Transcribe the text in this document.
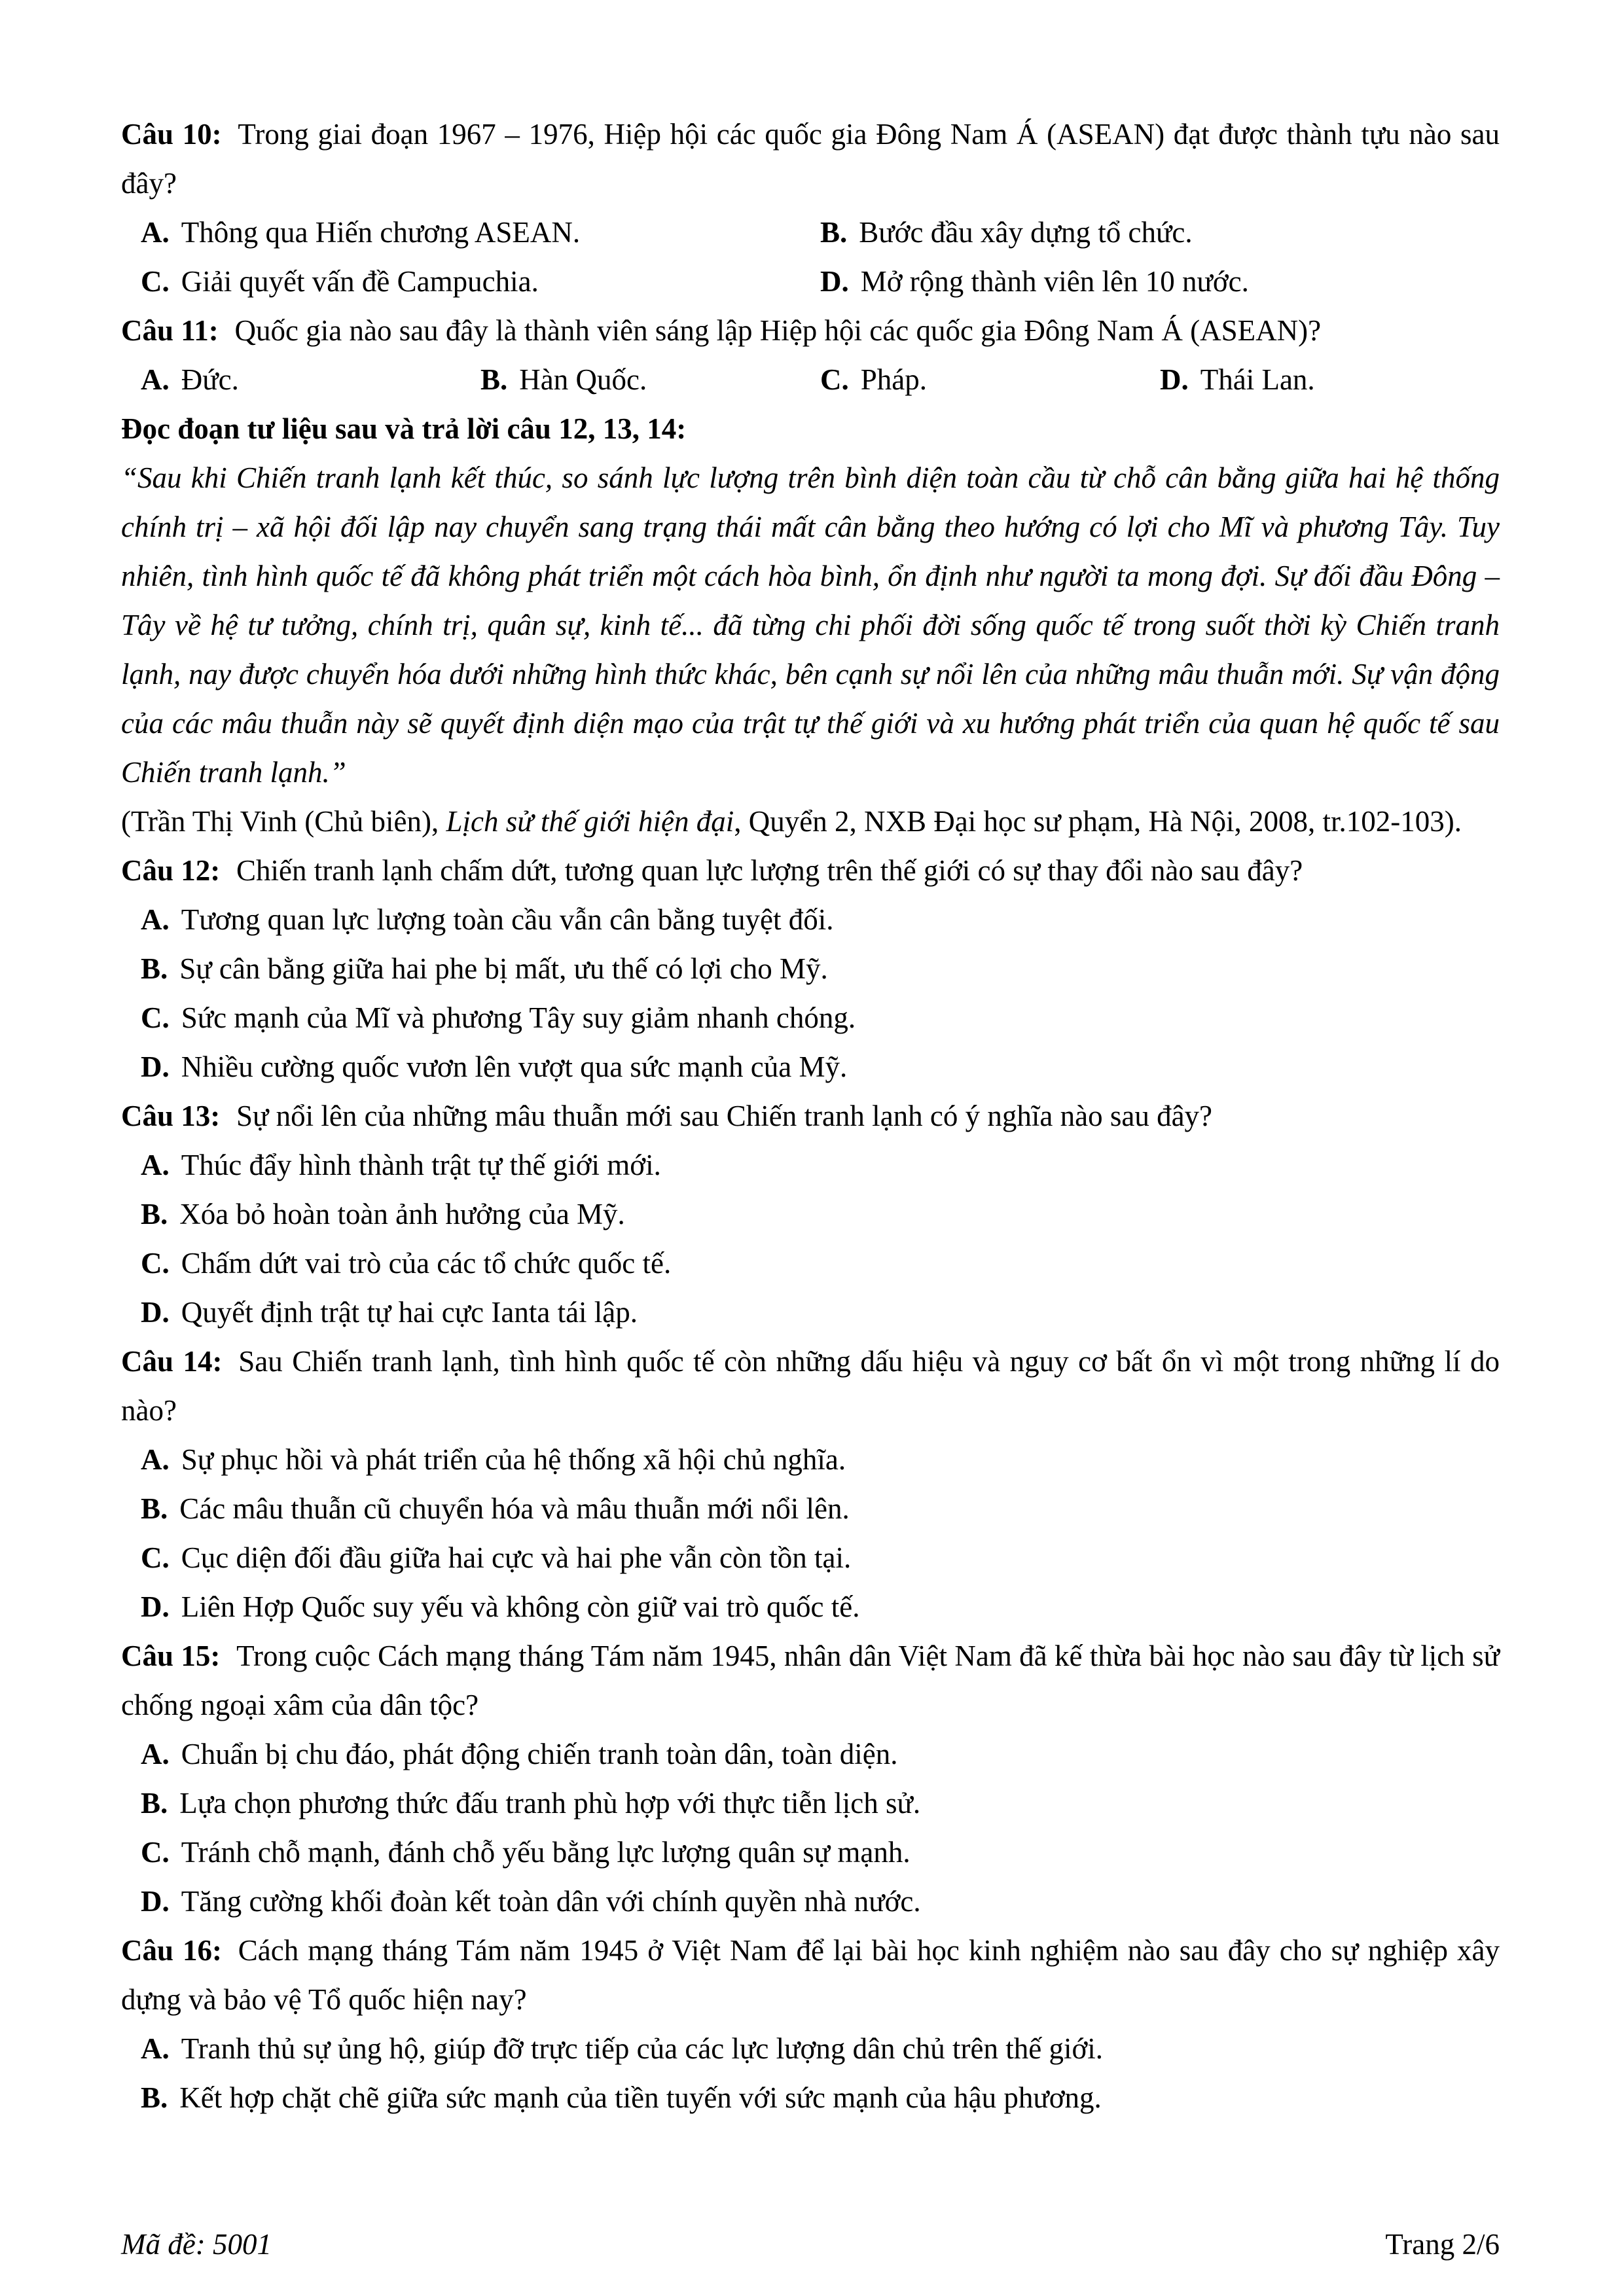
Câu 10: Trong giai đoạn 1967 – 1976, Hiệp hội các quốc gia Đông Nam Á (ASEAN) đạt được thành tựu nào sau đây?

A. Thông qua Hiến chương ASEAN.	B. Bước đầu xây dựng tổ chức.

C. Giải quyết vấn đề Campuchia.	D. Mở rộng thành viên lên 10 nước.

Câu 11: Quốc gia nào sau đây là thành viên sáng lập Hiệp hội các quốc gia Đông Nam Á (ASEAN)?

A. Đức.	B. Hàn Quốc.	C. Pháp.	D. Thái Lan.

Đọc đoạn tư liệu sau và trả lời câu 12, 13, 14:

“Sau khi Chiến tranh lạnh kết thúc, so sánh lực lượng trên bình diện toàn cầu từ chỗ cân bằng giữa hai hệ thống chính trị – xã hội đối lập nay chuyển sang trạng thái mất cân bằng theo hướng có lợi cho Mĩ và phương Tây. Tuy nhiên, tình hình quốc tế đã không phát triển một cách hòa bình, ổn định như người ta mong đợi. Sự đối đầu Đông – Tây về hệ tư tưởng, chính trị, quân sự, kinh tế... đã từng chi phối đời sống quốc tế trong suốt thời kỳ Chiến tranh lạnh, nay được chuyển hóa dưới những hình thức khác, bên cạnh sự nổi lên của những mâu thuẫn mới. Sự vận động của các mâu thuẫn này sẽ quyết định diện mạo của trật tự thế giới và xu hướng phát triển của quan hệ quốc tế sau Chiến tranh lạnh.”

(Trần Thị Vinh (Chủ biên), Lịch sử thế giới hiện đại, Quyển 2, NXB Đại học sư phạm, Hà Nội, 2008, tr.102-103).

Câu 12: Chiến tranh lạnh chấm dứt, tương quan lực lượng trên thế giới có sự thay đổi nào sau đây?

A. Tương quan lực lượng toàn cầu vẫn cân bằng tuyệt đối.

B. Sự cân bằng giữa hai phe bị mất, ưu thế có lợi cho Mỹ.

C. Sức mạnh của Mĩ và phương Tây suy giảm nhanh chóng.

D. Nhiều cường quốc vươn lên vượt qua sức mạnh của Mỹ.

Câu 13: Sự nổi lên của những mâu thuẫn mới sau Chiến tranh lạnh có ý nghĩa nào sau đây?

A. Thúc đẩy hình thành trật tự thế giới mới.

B. Xóa bỏ hoàn toàn ảnh hưởng của Mỹ.

C. Chấm dứt vai trò của các tổ chức quốc tế.

D. Quyết định trật tự hai cực Ianta tái lập.

Câu 14: Sau Chiến tranh lạnh, tình hình quốc tế còn những dấu hiệu và nguy cơ bất ổn vì một trong những lí do nào?

A. Sự phục hồi và phát triển của hệ thống xã hội chủ nghĩa.

B. Các mâu thuẫn cũ chuyển hóa và mâu thuẫn mới nổi lên.

C. Cục diện đối đầu giữa hai cực và hai phe vẫn còn tồn tại.

D. Liên Hợp Quốc suy yếu và không còn giữ vai trò quốc tế.

Câu 15: Trong cuộc Cách mạng tháng Tám năm 1945, nhân dân Việt Nam đã kế thừa bài học nào sau đây từ lịch sử chống ngoại xâm của dân tộc?

A. Chuẩn bị chu đáo, phát động chiến tranh toàn dân, toàn diện.

B. Lựa chọn phương thức đấu tranh phù hợp với thực tiễn lịch sử.

C. Tránh chỗ mạnh, đánh chỗ yếu bằng lực lượng quân sự mạnh.

D. Tăng cường khối đoàn kết toàn dân với chính quyền nhà nước.

Câu 16: Cách mạng tháng Tám năm 1945 ở Việt Nam để lại bài học kinh nghiệm nào sau đây cho sự nghiệp xây dựng và bảo vệ Tổ quốc hiện nay?

A. Tranh thủ sự ủng hộ, giúp đỡ trực tiếp của các lực lượng dân chủ trên thế giới.

B. Kết hợp chặt chẽ giữa sức mạnh của tiền tuyến với sức mạnh của hậu phương.

Mã đề: 5001	Trang 2/6
